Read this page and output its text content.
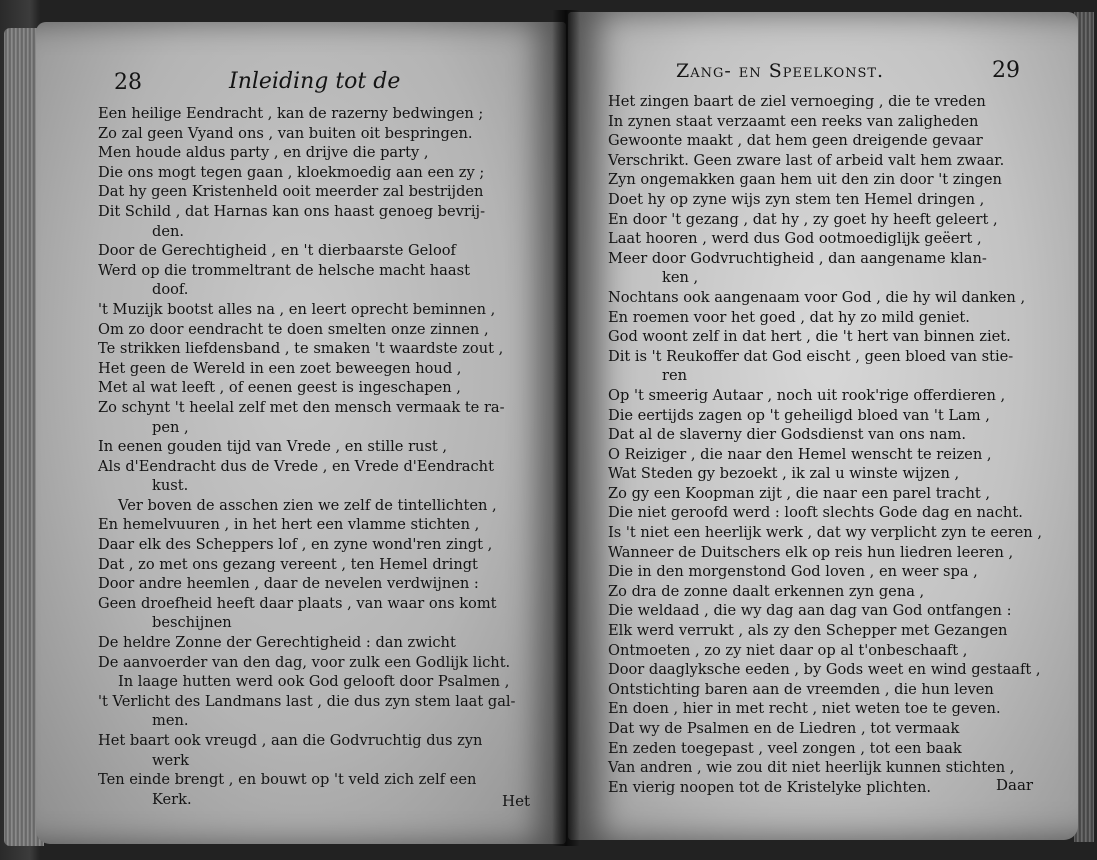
28	Inleiding tot de
Een heilige Eendracht , kan de razerny bedwingen ;
Zo zal geen Vyand ons , van buiten oit bespringen.
Men houde aldus party , en drijve die party ,
Die ons mogt tegen gaan , kloekmoedig aan een zy ;
Dat hy geen Kristenheld ooit meerder zal bestrijden
Dit Schild , dat Harnas kan ons haast genoeg bevrij-
den.
Door de Gerechtigheid , en 't dierbaarste Geloof
Werd op die trommeltrant de helsche macht haast
doof.
't Muzijk bootst alles na , en leert oprecht beminnen ,
Om zo door eendracht te doen smelten onze zinnen ,
Te strikken liefdensband , te smaken 't waardste zout ,
Het geen de Wereld in een zoet beweegen houd ,
Met al wat leeft , of eenen geest is ingeschapen ,
Zo schynt 't heelal zelf met den mensch vermaak te ra-
pen ,
In eenen gouden tijd van Vrede , en stille rust ,
Als d'Eendracht dus de Vrede , en Vrede d'Eendracht
kust.
Ver boven de asschen zien we zelf de tintellichten ,
En hemelvuuren , in het hert een vlamme stichten ,
Daar elk des Scheppers lof , en zyne wond'ren zingt ,
Dat , zo met ons gezang vereent , ten Hemel dringt
Door andre heemlen , daar de nevelen verdwijnen :
Geen droefheid heeft daar plaats , van waar ons komt
beschijnen
De heldre Zonne der Gerechtigheid : dan zwicht
De aanvoerder van den dag, voor zulk een Godlijk licht.
In laage hutten werd ook God gelooft door Psalmen ,
't Verlicht des Landmans last , die dus zyn stem laat gal-
men.
Het baart ook vreugd , aan die Godvruchtig dus zyn
werk
Ten einde brengt , en bouwt op 't veld zich zelf een
Kerk.	Het
Zang- en Speelkonst.	29
Het zingen baart de ziel vernoeging , die te vreden
In zynen staat verzaamt een reeks van zaligheden
Gewoonte maakt , dat hem geen dreigende gevaar
Verschrikt. Geen zware last of arbeid valt hem zwaar.
Zyn ongemakken gaan hem uit den zin door 't zingen
Doet hy op zyne wijs zyn stem ten Hemel dringen ,
En door 't gezang , dat hy , zy goet hy heeft geleert ,
Laat hooren , werd dus God ootmoediglijk geëert ,
Meer door Godvruchtigheid , dan aangename klan-
ken ,
Nochtans ook aangenaam voor God , die hy wil danken ,
En roemen voor het goed , dat hy zo mild geniet.
God woont zelf in dat hert , die 't hert van binnen ziet.
Dit is 't Reukoffer dat God eischt , geen bloed van stie-
ren
Op 't smeerig Autaar , noch uit rook'rige offerdieren ,
Die eertijds zagen op 't geheiligd bloed van 't Lam ,
Dat al de slaverny dier Godsdienst van ons nam.
O Reiziger , die naar den Hemel wenscht te reizen ,
Wat Steden gy bezoekt , ik zal u winste wijzen ,
Zo gy een Koopman zijt , die naar een parel tracht ,
Die niet geroofd werd : looft slechts Gode dag en nacht.
Is 't niet een heerlijk werk , dat wy verplicht zyn te eeren ,
Wanneer de Duitschers elk op reis hun liedren leeren ,
Die in den morgenstond God loven , en weer spa ,
Zo dra de zonne daalt erkennen zyn gena ,
Die weldaad , die wy dag aan dag van God ontfangen :
Elk werd verrukt , als zy den Schepper met Gezangen
Ontmoeten , zo zy niet daar op al t'onbeschaaft ,
Door daaglyksche eeden , by Gods weet en wind gestaaft ,
Ontstichting baren aan de vreemden , die hun leven
En doen , hier in met recht , niet weten toe te geven.
Dat wy de Psalmen en de Liedren , tot vermaak
En zeden toegepast , veel zongen , tot een baak
Van andren , wie zou dit niet heerlijk kunnen stichten ,
En vierig noopen tot de Kristelyke plichten.	Daar
